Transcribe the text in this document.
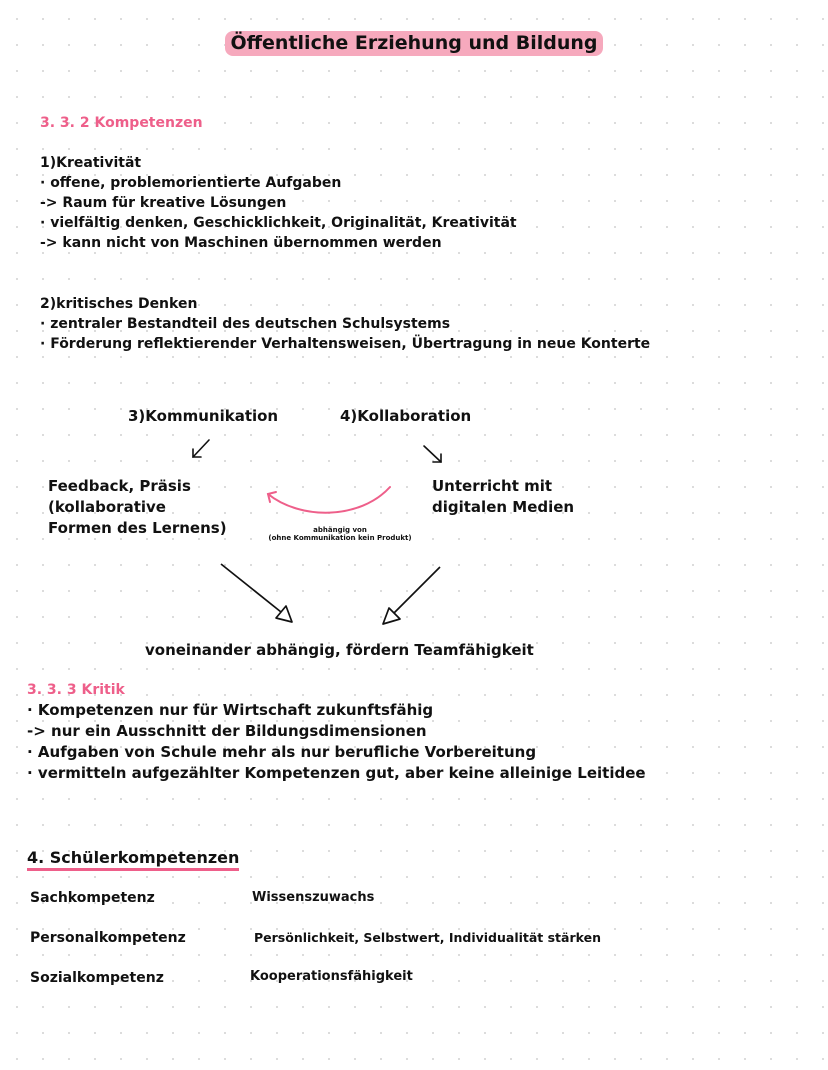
Öffentliche Erziehung und Bildung
3. 3. 2 Kompetenzen
1)Kreativität
· offene, problemorientierte Aufgaben
-> Raum für kreative Lösungen
· vielfältig denken, Geschicklichkeit, Originalität, Kreativität
-> kann nicht von Maschinen übernommen werden
2)kritisches Denken
· zentraler Bestandteil des deutschen Schulsystems
· Förderung reflektierender Verhaltensweisen, Übertragung in neue Konterte
3)Kommunikation	4)Kollaboration
Feedback, Präsis
(kollaborative
Formen des Lernens)
Unterricht mit
digitalen Medien
abhängig von
(ohne Kommunikation kein Produkt)
voneinander abhängig, fördern Teamfähigkeit
3. 3. 3 Kritik
· Kompetenzen nur für Wirtschaft zukunftsfähig
-> nur ein Ausschnitt der Bildungsdimensionen
· Aufgaben von Schule mehr als nur berufliche Vorbereitung
· vermitteln aufgezählter Kompetenzen gut, aber keine alleinige Leitidee
4. Schülerkompetenzen
Sachkompetenz	Wissenszuwachs
Personalkompetenz	Persönlichkeit, Selbstwert, Individualität stärken
Sozialkompetenz	Kooperationsfähigkeit
